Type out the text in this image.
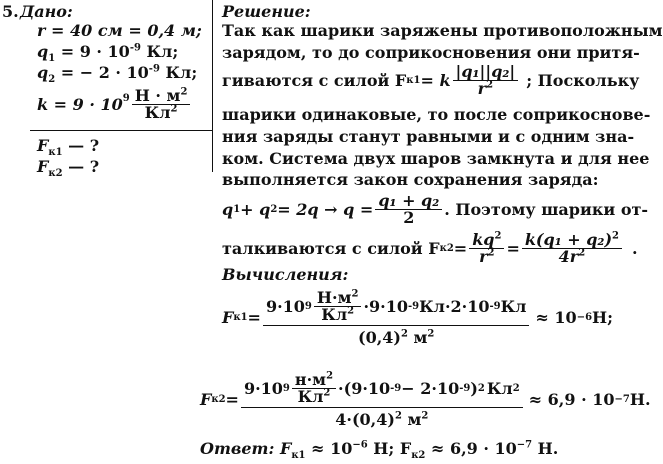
5. Дано:
r = 40 см = 0,4 м;
$q_1 = 9 \cdot 10^{-9}$ Кл;
$q_2$ = − $2 \cdot 10^{-9}$ Кл;
$k = 9 \cdot 10^9 \frac{Н \cdot м^2}{Кл^2}$
$F_{к1}$ — ?
$F_{к2}$ — ?
Решение:
Так как шарики заряжены противоположным
зарядом, то до соприкосновения они притя-
гиваются с силой F к1 = k $\frac{\text{|q₁||q₂|}}{r^2}$ ; Поскольку
шарики одинаковые, то после соприкоснове-
ния заряды станут равными и с одним зна-
ком. Система двух шаров замкнута и для нее
выполняется закон сохранения заряда:
q 1 + q $2 = 2q \to q = \frac{\text{q₁ + q₂}}{2}$ . Поэтому шарики от-
талкиваются с силой F $к2 = \frac{kq^2}{r^2} = \frac{k(q_1 + q_2)^2}{4r^2}$ .
Вычисления:
F $к1 = \frac{9\cdot 10 9 \frac{Н\cdot м^2}{Кл^2} \cdot 9\cdot 10 -9 Кл\cdot 2\cdot 10 -9 Кл}{(0,4)^2 м^2} \approx 10 -6$ Н;
F $к2 = \frac{9\cdot 10 9 \frac{н\cdot м^2}{Кл^2} \cdot(9\cdot 10 -9 - 2\cdot 10 -9 ) 2 Кл 2}{4\cdot(0,4)^2 м^2} \approx 6,9 \cdot 10 -7$ Н.
Ответ: $F_{к1} \approx 10^{-6}$ Н; $F_{к2} \approx 6,9 \cdot 10^{-7}$ Н.
